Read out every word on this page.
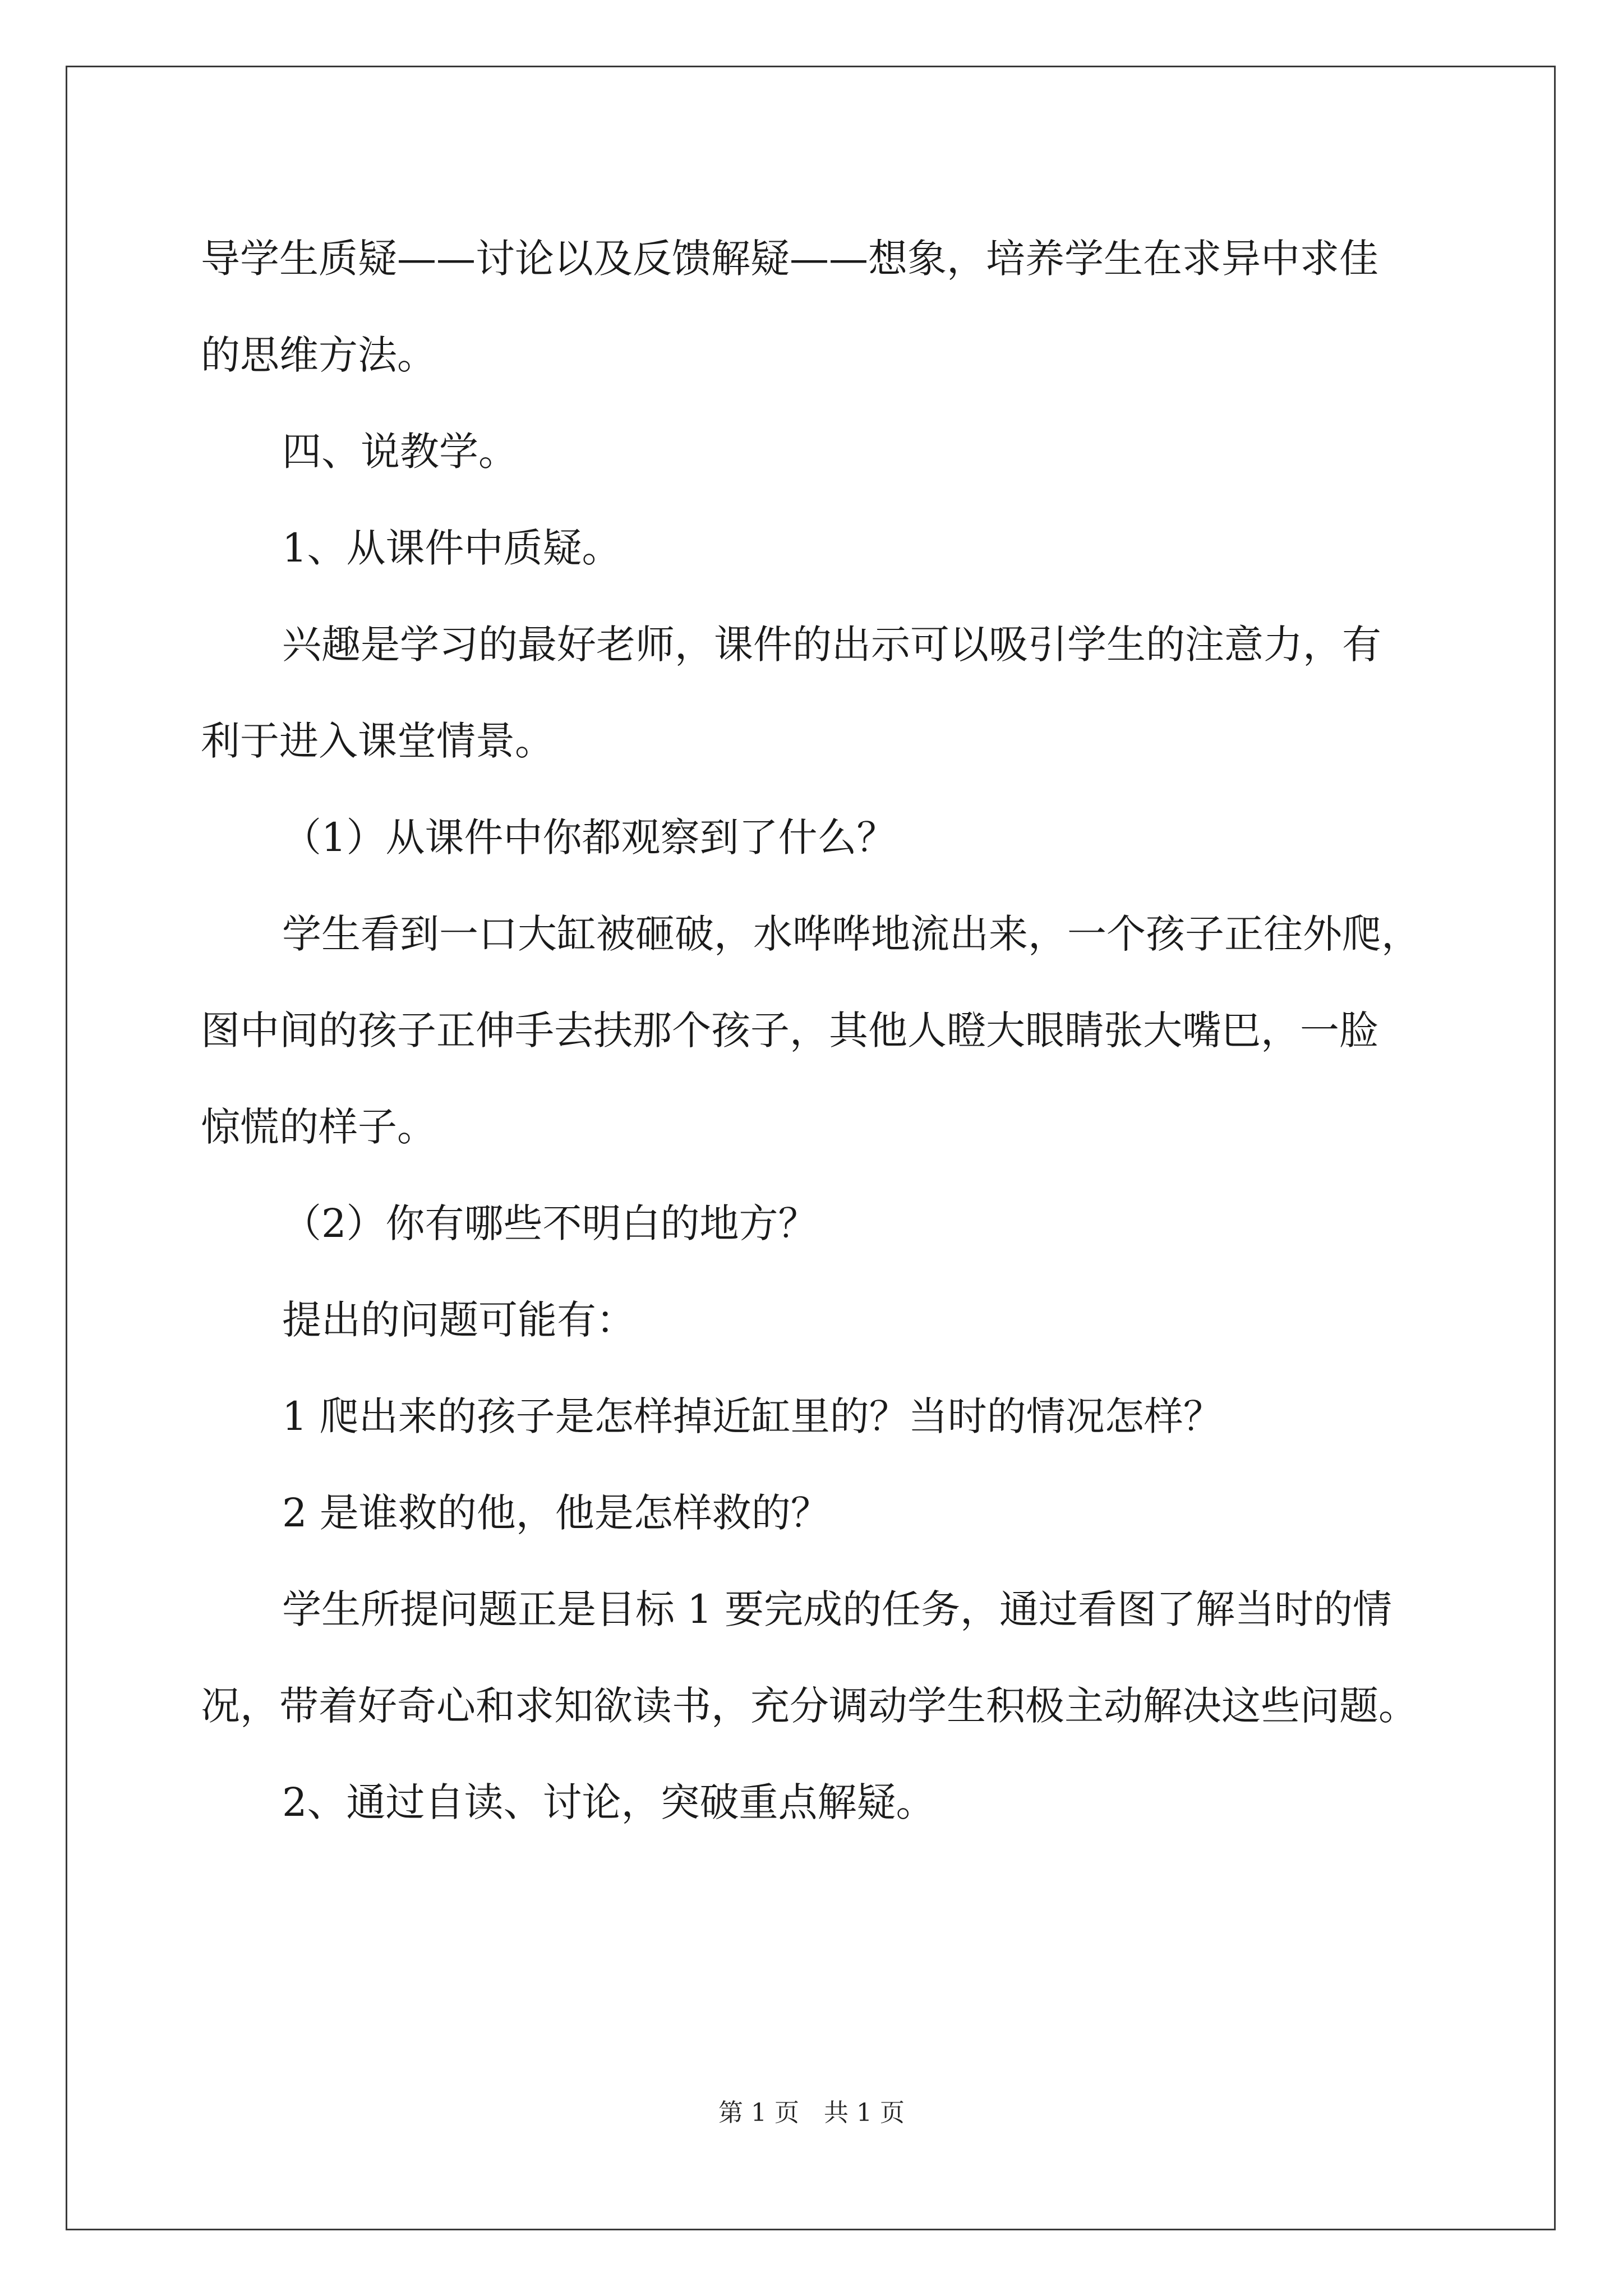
导学生质疑——讨论以及反馈解疑——想象，培养学生在求异中求佳

的思维方法。

四、说教学。

1、从课件中质疑。

兴趣是学习的最好老师，课件的出示可以吸引学生的注意力，有

利于进入课堂情景。

（1）从课件中你都观察到了什么？

学生看到一口大缸被砸破，水哗哗地流出来，一个孩子正往外爬，

图中间的孩子正伸手去扶那个孩子，其他人瞪大眼睛张大嘴巴，一脸

惊慌的样子。

（2）你有哪些不明白的地方？

提出的问题可能有：

1 爬出来的孩子是怎样掉近缸里的？当时的情况怎样？

2 是谁救的他，他是怎样救的？

学生所提问题正是目标 1 要完成的任务，通过看图了解当时的情

况，带着好奇心和求知欲读书，充分调动学生积极主动解决这些问题。

2、通过自读、讨论，突破重点解疑。

第 1 页　共 1 页
